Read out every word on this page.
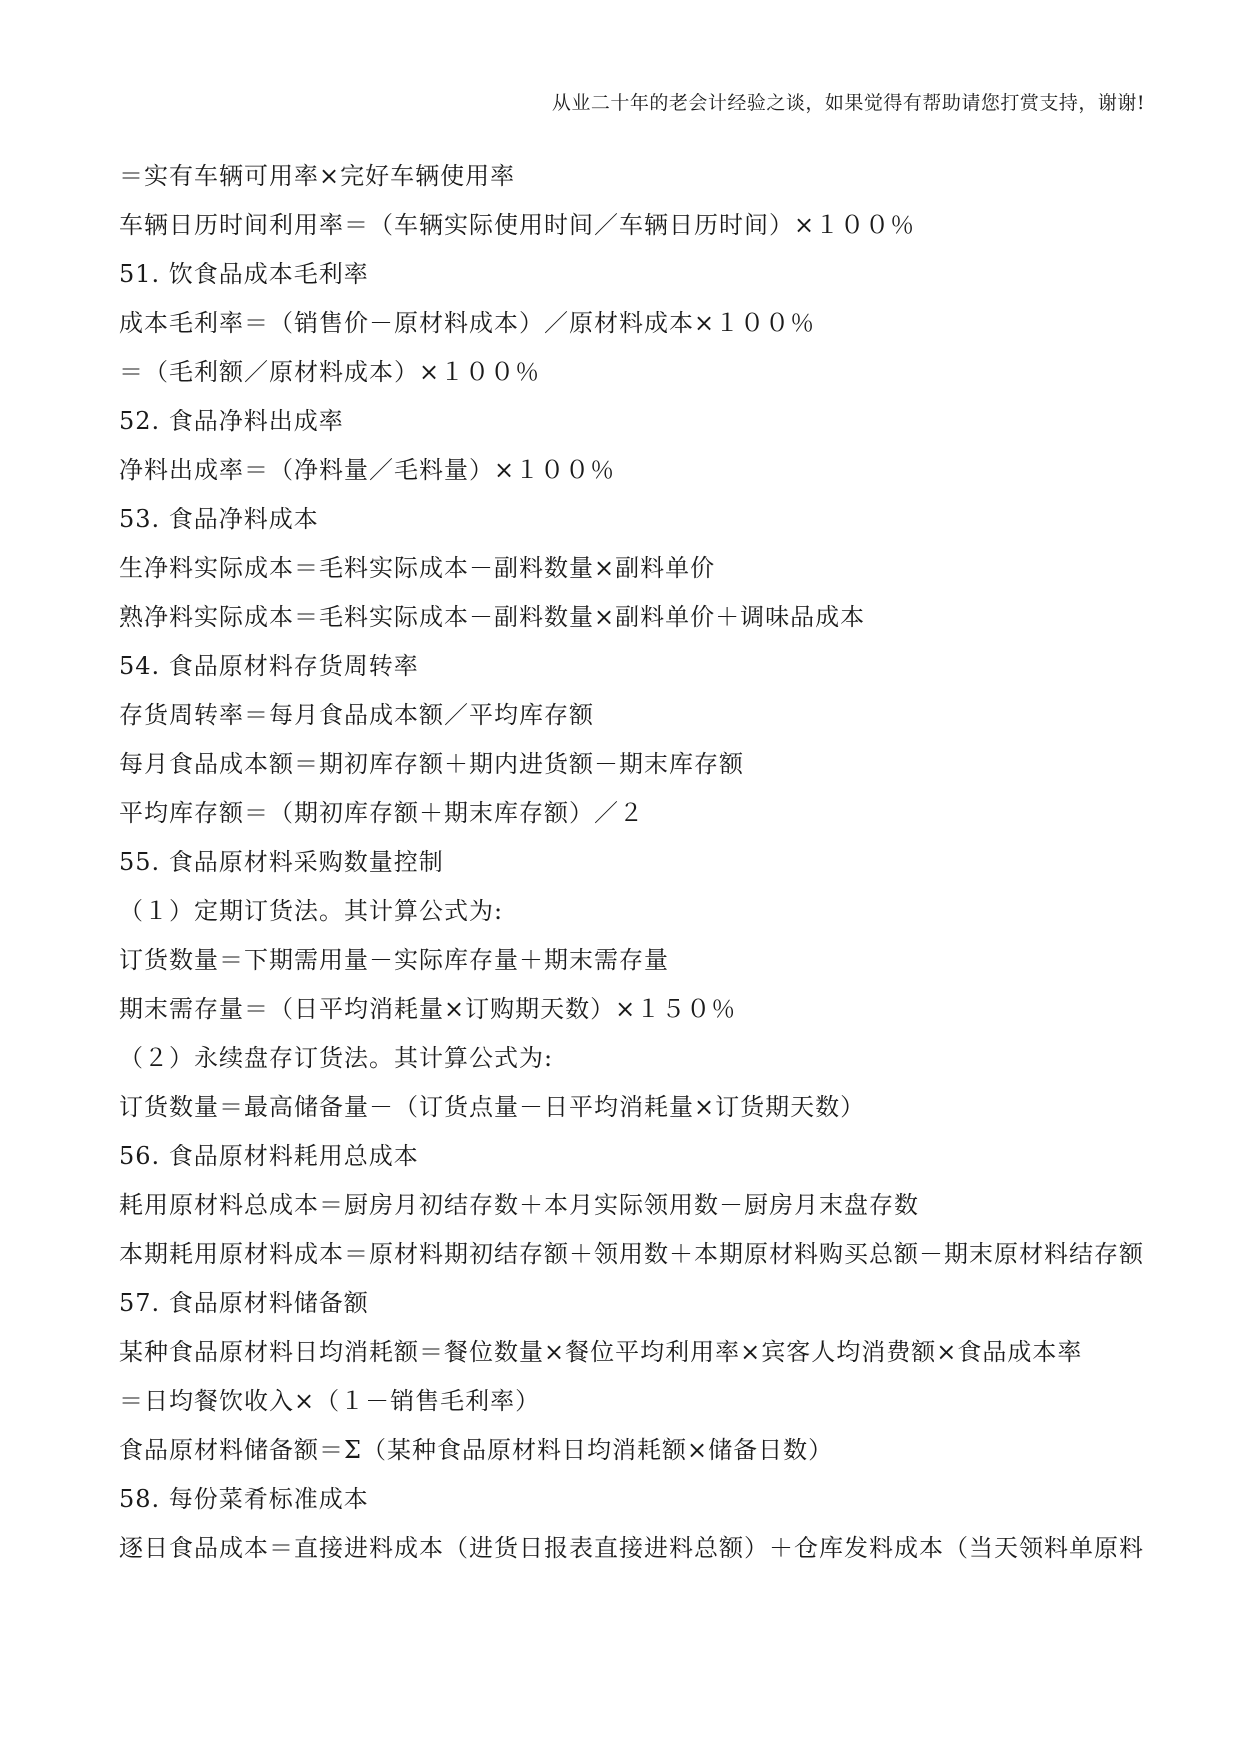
从业二十年的老会计经验之谈，如果觉得有帮助请您打赏支持，谢谢!
＝实有车辆可用率×完好车辆使用率
车辆日历时间利用率＝（车辆实际使用时间／车辆日历时间）×１００％
51. 饮食品成本毛利率
成本毛利率＝（销售价－原材料成本）／原材料成本×１００％
＝（毛利额／原材料成本）×１００％
52. 食品净料出成率
净料出成率＝（净料量／毛料量）×１００％
53. 食品净料成本
生净料实际成本＝毛料实际成本－副料数量×副料单价
熟净料实际成本＝毛料实际成本－副料数量×副料单价＋调味品成本
54. 食品原材料存货周转率
存货周转率＝每月食品成本额／平均库存额
每月食品成本额＝期初库存额＋期内进货额－期末库存额
平均库存额＝（期初库存额＋期末库存额）／２
55. 食品原材料采购数量控制
（１）定期订货法。其计算公式为:
订货数量＝下期需用量－实际库存量＋期末需存量
期末需存量＝（日平均消耗量×订购期天数）×１５０％
（２）永续盘存订货法。其计算公式为:
订货数量＝最高储备量－（订货点量－日平均消耗量×订货期天数）
56. 食品原材料耗用总成本
耗用原材料总成本＝厨房月初结存数＋本月实际领用数－厨房月末盘存数
本期耗用原材料成本＝原材料期初结存额＋领用数＋本期原材料购买总额－期末原材料结存额
57. 食品原材料储备额
某种食品原材料日均消耗额＝餐位数量×餐位平均利用率×宾客人均消费额×食品成本率
＝日均餐饮收入×（１－销售毛利率）
食品原材料储备额＝Σ（某种食品原材料日均消耗额×储备日数）
58. 每份菜肴标准成本
逐日食品成本＝直接进料成本（进货日报表直接进料总额）＋仓库发料成本（当天领料单原料
